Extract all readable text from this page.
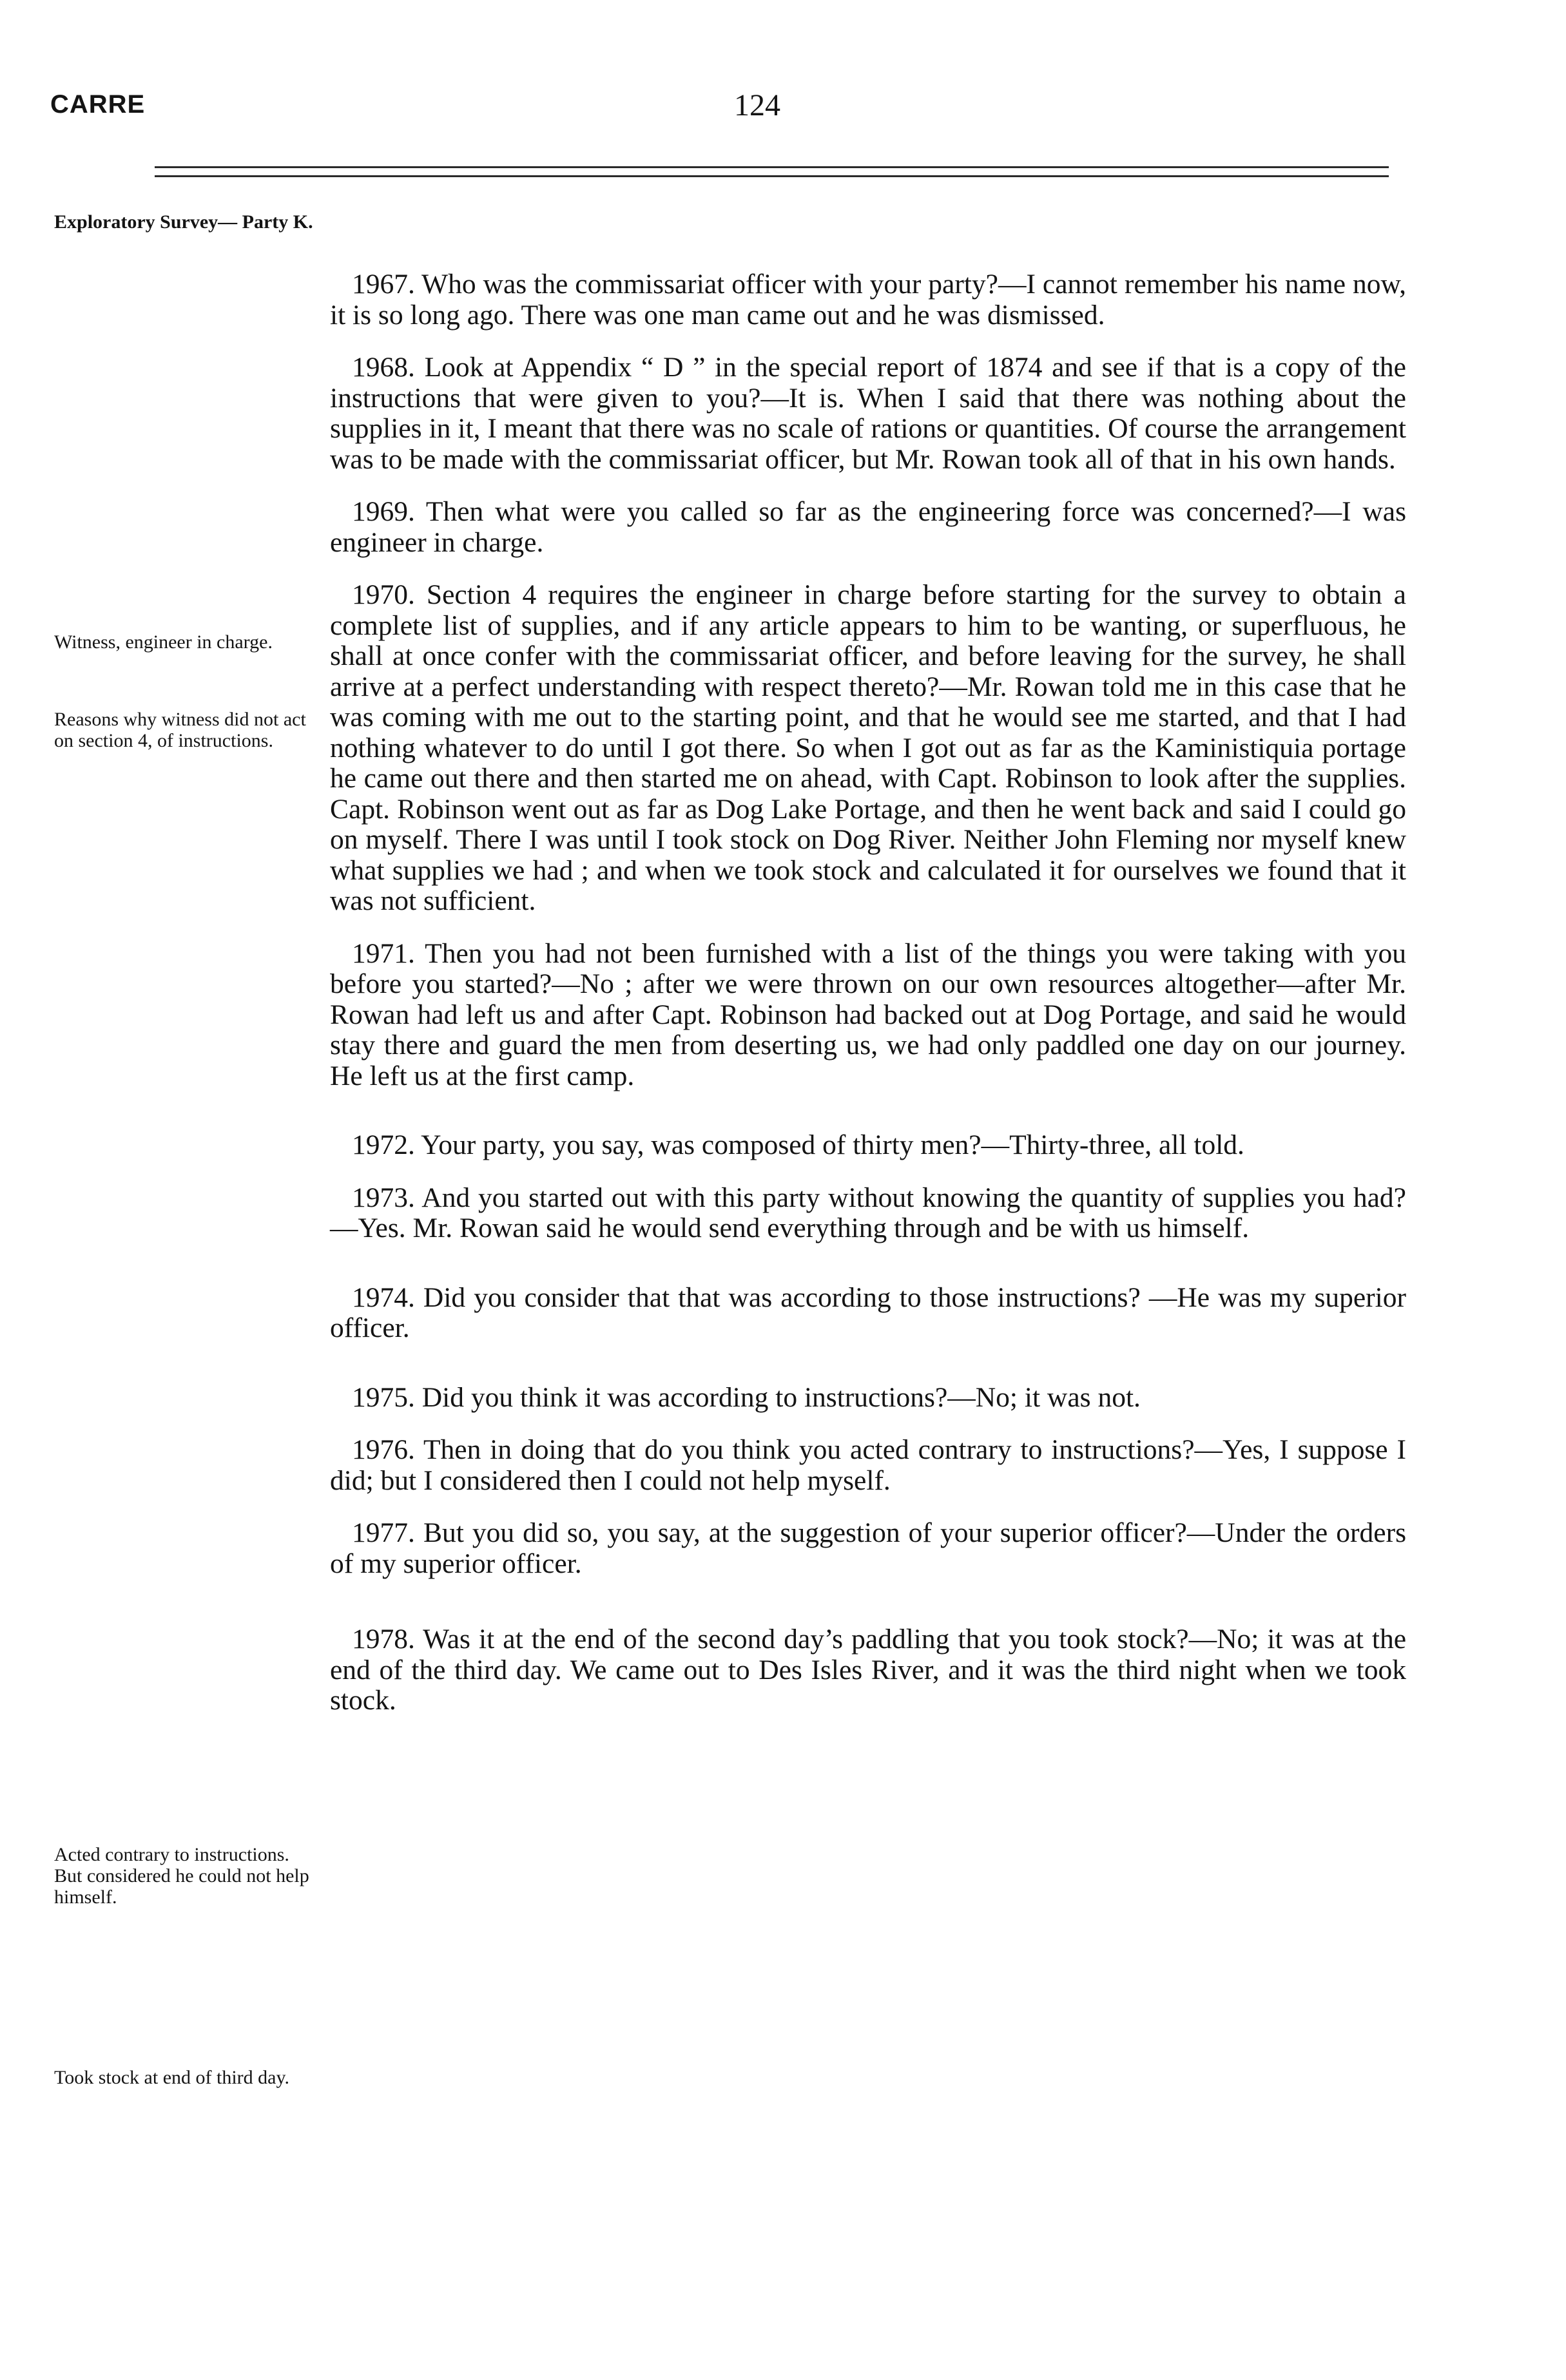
CARRE	124
Exploratory Survey— Party K.
Witness, engineer in charge.
Reasons why witness did not act on section 4, of instructions.
Acted contrary to instructions. But considered he could not help himself.
Took stock at end of third day.

1967. Who was the commissariat officer with your party?—I cannot remember his name now, it is so long ago. There was one man came out and he was dismissed.

1968. Look at Appendix “ D ” in the special report of 1874 and see if that is a copy of the instructions that were given to you?—It is. When I said that there was nothing about the supplies in it, I meant that there was no scale of rations or quantities. Of course the arrangement was to be made with the commissariat officer, but Mr. Rowan took all of that in his own hands.

1969. Then what were you called so far as the engineering force was concerned?—I was engineer in charge.

1970. Section 4 requires the engineer in charge before starting for the survey to obtain a complete list of supplies, and if any article appears to him to be wanting, or superfluous, he shall at once confer with the commissariat officer, and before leaving for the survey, he shall arrive at a perfect understanding with respect thereto?—Mr. Rowan told me in this case that he was coming with me out to the starting point, and that he would see me started, and that I had nothing whatever to do until I got there. So when I got out as far as the Kaministiquia portage he came out there and then started me on ahead, with Capt. Robinson to look after the supplies. Capt. Robinson went out as far as Dog Lake Portage, and then he went back and said I could go on myself. There I was until I took stock on Dog River. Neither John Fleming nor myself knew what supplies we had ; and when we took stock and calculated it for ourselves we found that it was not sufficient.

1971. Then you had not been furnished with a list of the things you were taking with you before you started?—No ; after we were thrown on our own resources altogether—after Mr. Rowan had left us and after Capt. Robinson had backed out at Dog Portage, and said he would stay there and guard the men from deserting us, we had only paddled one day on our journey. He left us at the first camp.

1972. Your party, you say, was composed of thirty men?—Thirty-three, all told.

1973. And you started out with this party without knowing the quantity of supplies you had?—Yes. Mr. Rowan said he would send everything through and be with us himself.

1974. Did you consider that that was according to those instructions? —He was my superior officer.

1975. Did you think it was according to instructions?—No; it was not.

1976. Then in doing that do you think you acted contrary to instructions?—Yes, I suppose I did; but I considered then I could not help myself.

1977. But you did so, you say, at the suggestion of your superior officer?—Under the orders of my superior officer.

1978. Was it at the end of the second day’s paddling that you took stock?—No; it was at the end of the third day. We came out to Des Isles River, and it was the third night when we took stock.
